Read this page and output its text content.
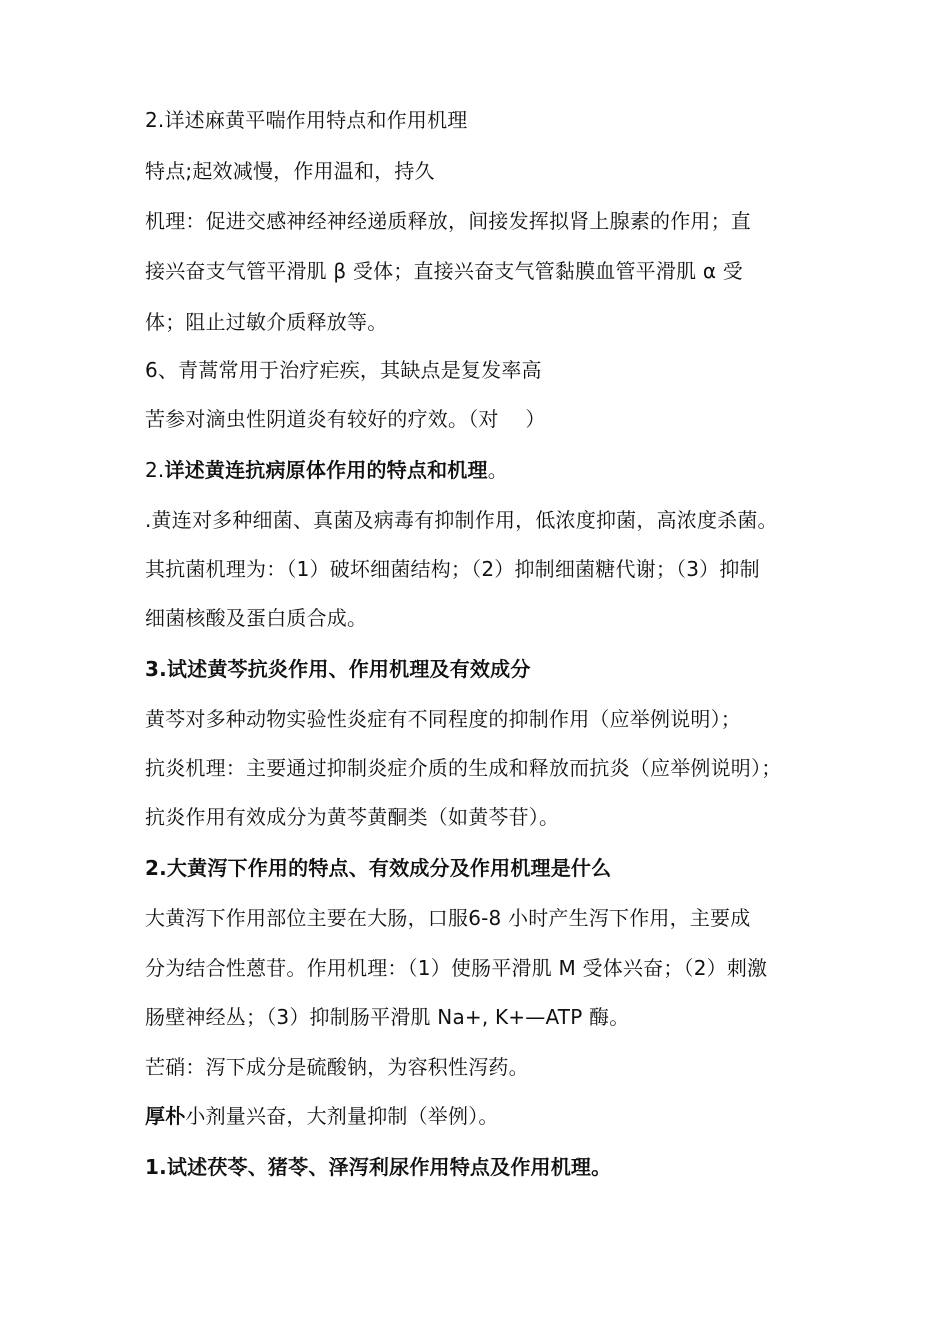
2.详述麻黄平喘作用特点和作用机理
特点;起效减慢，作用温和，持久
机理：促进交感神经神经递质释放，间接发挥拟肾上腺素的作用；直
接兴奋支气管平滑肌 β 受体；直接兴奋支气管黏膜血管平滑肌 α 受
体；阻止过敏介质释放等。
6、青蒿常用于治疗疟疾，其缺点是复发率高
苦参对滴虫性阴道炎有较好的疗效。（对　 ）
2.详述黄连抗病原体作用的特点和机理。
.黄连对多种细菌、真菌及病毒有抑制作用，低浓度抑菌，高浓度杀菌。
其抗菌机理为：（1）破坏细菌结构；（2）抑制细菌糖代谢；（3）抑制
细菌核酸及蛋白质合成。
3.试述黄芩抗炎作用、作用机理及有效成分
黄芩对多种动物实验性炎症有不同程度的抑制作用（应举例说明）；
抗炎机理：主要通过抑制炎症介质的生成和释放而抗炎（应举例说明）；
抗炎作用有效成分为黄芩黄酮类（如黄芩苷）。
2.大黄泻下作用的特点、有效成分及作用机理是什么
大黄泻下作用部位主要在大肠，口服6-8 小时产生泻下作用，主要成
分为结合性蒽苷。作用机理：（1）使肠平滑肌 M 受体兴奋；（2）刺激
肠壁神经丛；（3）抑制肠平滑肌 Na+, K+—ATP 酶。
芒硝：泻下成分是硫酸钠，为容积性泻药。
厚朴小剂量兴奋，大剂量抑制（举例）。
1.试述茯苓、猪苓、泽泻利尿作用特点及作用机理。
